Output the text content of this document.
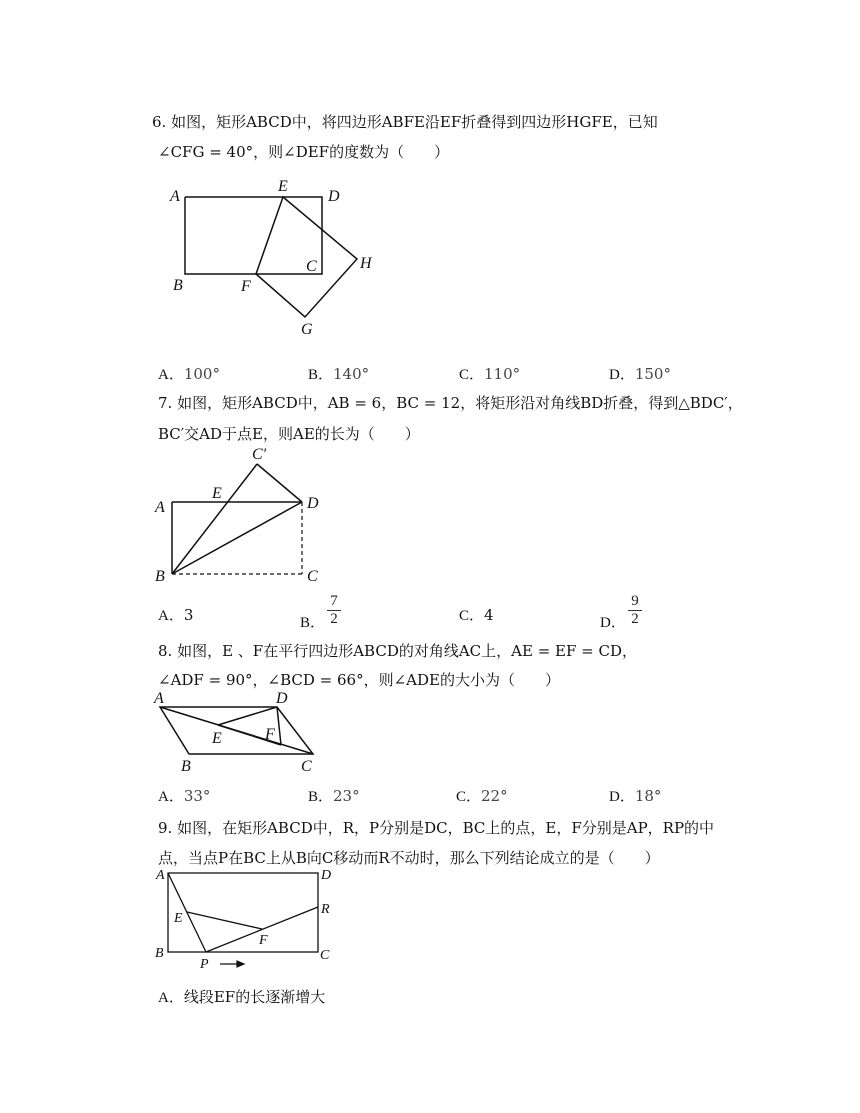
6. 如图，矩形ABCD中，将四边形ABFE沿EF折叠得到四边形HGFE，已知
∠CFG = 40°，则∠DEF的度数为（　　）
A
E
D
C	H
B	F
G
A．100°	B．140°	C．110°	D．150°
7. 如图，矩形ABCD中，AB = 6，BC = 12，将矩形沿对角线BD折叠，得到△BDC′，
BC′交AD于点E，则AE的长为（　　）
C′
E
A	D
B	C
A．3	B．
7
2	C．4	D．
9
2
8. 如图，E 、F在平行四边形ABCD的对角线AC上，AE = EF = CD，
∠ADF = 90°，∠BCD = 66°，则∠ADE的大小为（　　）
A	D
F
E
B	C
A．33°	B．23°	C．22°	D．18°
9. 如图，在矩形ABCD中，R，P分别是DC，BC上的点，E，F分别是AP，RP的中
点，当点P在BC上从B向C移动而R不动时，那么下列结论成立的是（　　）
A	D
E
R
F
B	C
P
A．线段EF的长逐渐增大
